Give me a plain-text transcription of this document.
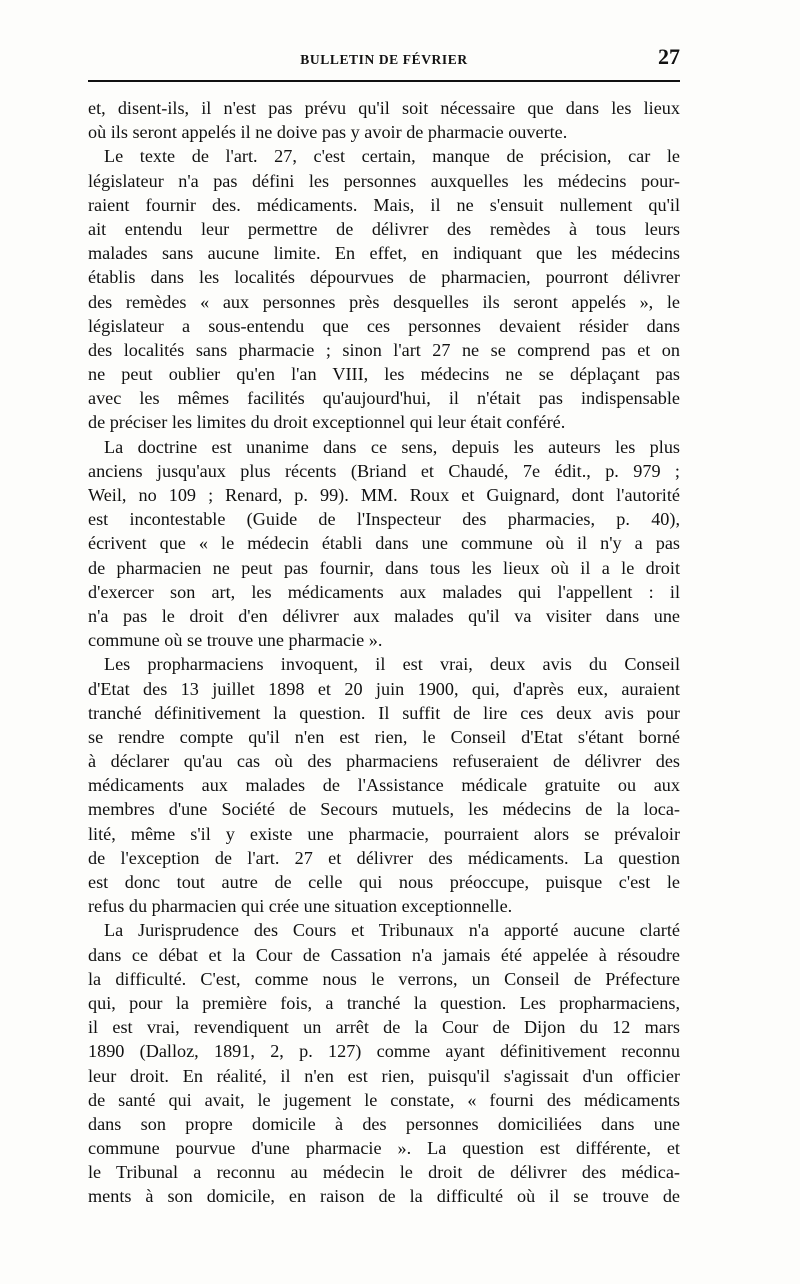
BULLETIN DE FÉVRIER	27
et, disent-ils, il n'est pas prévu qu'il soit nécessaire que dans les lieux
où ils seront appelés il ne doive pas y avoir de pharmacie ouverte.
Le texte de l'art. 27, c'est certain, manque de précision, car le
législateur n'a pas défini les personnes auxquelles les médecins pour-
raient fournir des. médicaments. Mais, il ne s'ensuit nullement qu'il
ait entendu leur permettre de délivrer des remèdes à tous leurs
malades sans aucune limite. En effet, en indiquant que les médecins
établis dans les localités dépourvues de pharmacien, pourront délivrer
des remèdes « aux personnes près desquelles ils seront appelés », le
législateur a sous-entendu que ces personnes devaient résider dans
des localités sans pharmacie ; sinon l'art 27 ne se comprend pas et on
ne peut oublier qu'en l'an VIII, les médecins ne se déplaçant pas
avec les mêmes facilités qu'aujourd'hui, il n'était pas indispensable
de préciser les limites du droit exceptionnel qui leur était conféré.
La doctrine est unanime dans ce sens, depuis les auteurs les plus
anciens jusqu'aux plus récents (Briand et Chaudé, 7e édit., p. 979 ;
Weil, no 109 ; Renard, p. 99). MM. Roux et Guignard, dont l'autorité
est incontestable (Guide de l'Inspecteur des pharmacies, p. 40),
écrivent que « le médecin établi dans une commune où il n'y a pas
de pharmacien ne peut pas fournir, dans tous les lieux où il a le droit
d'exercer son art, les médicaments aux malades qui l'appellent : il
n'a pas le droit d'en délivrer aux malades qu'il va visiter dans une
commune où se trouve une pharmacie ».
Les propharmaciens invoquent, il est vrai, deux avis du Conseil
d'Etat des 13 juillet 1898 et 20 juin 1900, qui, d'après eux, auraient
tranché définitivement la question. Il suffit de lire ces deux avis pour
se rendre compte qu'il n'en est rien, le Conseil d'Etat s'étant borné
à déclarer qu'au cas où des pharmaciens refuseraient de délivrer des
médicaments aux malades de l'Assistance médicale gratuite ou aux
membres d'une Société de Secours mutuels, les médecins de la loca-
lité, même s'il y existe une pharmacie, pourraient alors se prévaloir
de l'exception de l'art. 27 et délivrer des médicaments. La question
est donc tout autre de celle qui nous préoccupe, puisque c'est le
refus du pharmacien qui crée une situation exceptionnelle.
La Jurisprudence des Cours et Tribunaux n'a apporté aucune clarté
dans ce débat et la Cour de Cassation n'a jamais été appelée à résoudre
la difficulté. C'est, comme nous le verrons, un Conseil de Préfecture
qui, pour la première fois, a tranché la question. Les propharmaciens,
il est vrai, revendiquent un arrêt de la Cour de Dijon du 12 mars
1890 (Dalloz, 1891, 2, p. 127) comme ayant définitivement reconnu
leur droit. En réalité, il n'en est rien, puisqu'il s'agissait d'un officier
de santé qui avait, le jugement le constate, « fourni des médicaments
dans son propre domicile à des personnes domiciliées dans une
commune pourvue d'une pharmacie ». La question est différente, et
le Tribunal a reconnu au médecin le droit de délivrer des médica-
ments à son domicile, en raison de la difficulté où il se trouve de
